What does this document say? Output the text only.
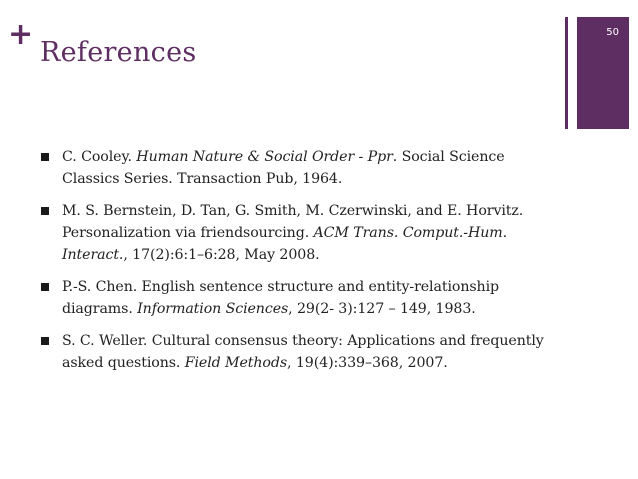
+
References
50
C. Cooley. Human Nature & Social Order - Ppr. Social Science Classics Series. Transaction Pub, 1964.
M. S. Bernstein, D. Tan, G. Smith, M. Czerwinski, and E. Horvitz. Personalization via friendsourcing. ACM Trans. Comput.-Hum. Interact., 17(2):6:1–6:28, May 2008.
P.-S. Chen. English sentence structure and entity-relationship diagrams. Information Sciences, 29(2- 3):127 – 149, 1983.
S. C. Weller. Cultural consensus theory: Applications and frequently asked questions. Field Methods, 19(4):339–368, 2007.
